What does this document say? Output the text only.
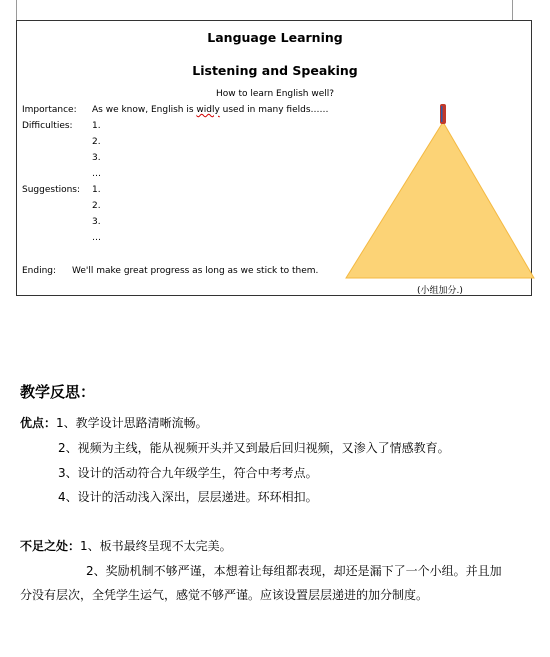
Language Learning
Listening and Speaking
How to learn English well?
Importance: As we know, English is widly used in many fields……
Difficulties: 1.
2.
3.
…
Suggestions: 1.
2.
3.
…
Ending: We'll make great progress as long as we stick to them.
(小组加分.)
教学反思：
优点：1、教学设计思路清晰流畅。
2、视频为主线，能从视频开头并又到最后回归视频，又渗入了情感教育。
3、设计的活动符合九年级学生，符合中考考点。
4、设计的活动浅入深出，层层递进。环环相扣。
不足之处：1、板书最终呈现不太完美。
2、奖励机制不够严谨，本想着让每组都表现，却还是漏下了一个小组。并且加
分没有层次，全凭学生运气，感觉不够严谨。应该设置层层递进的加分制度。
